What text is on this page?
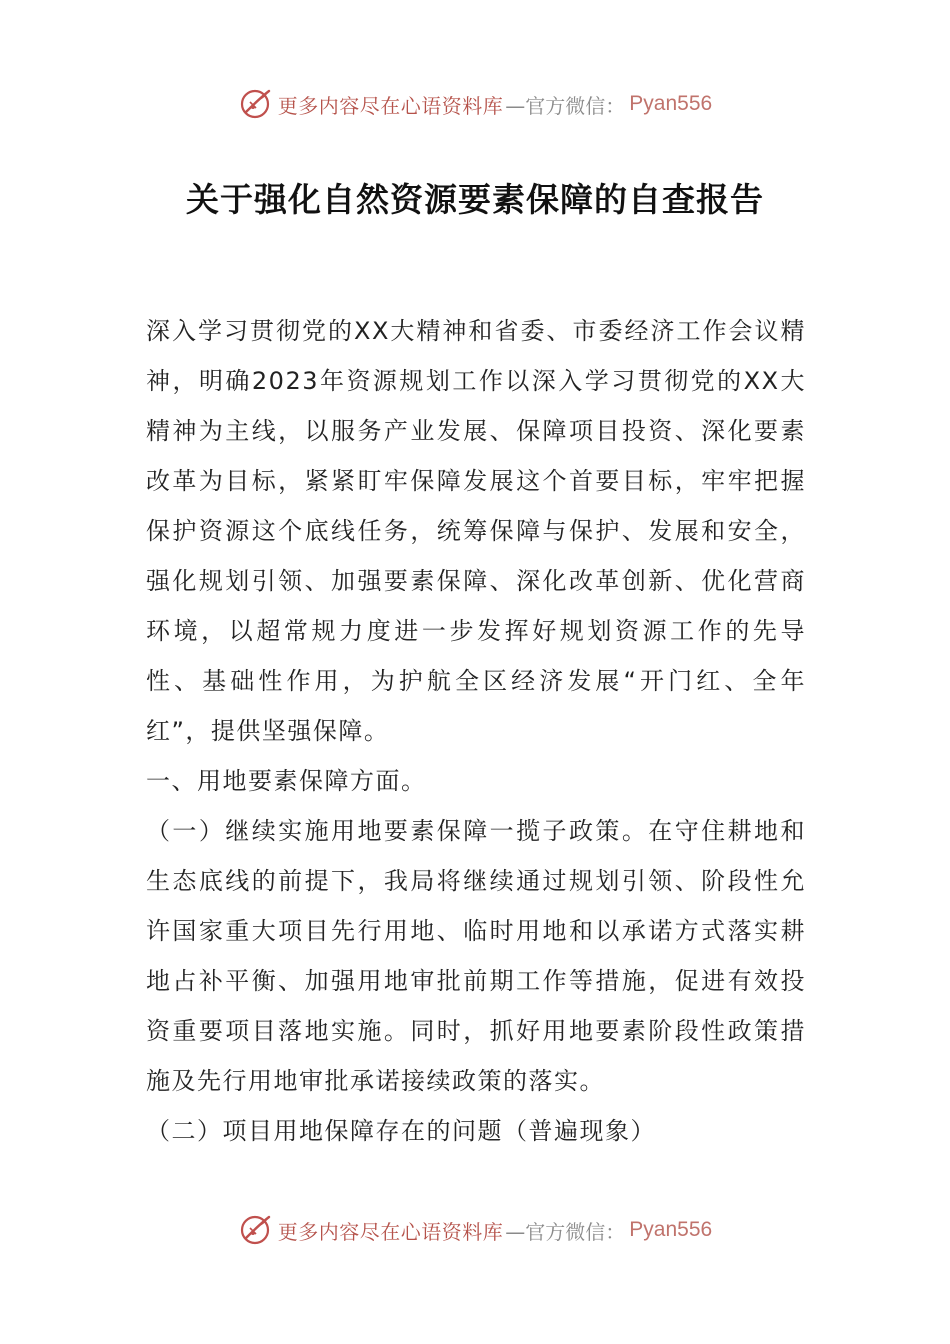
更多内容尽在心语资料库 —官方微信： Pyan556
关于强化自然资源要素保障的自查报告

深入学习贯彻党的XX大精神和省委、市委经济工作会议精神，明确2023年资源规划工作以深入学习贯彻党的XX大精神为主线，以服务产业发展、保障项目投资、深化要素改革为目标，紧紧盯牢保障发展这个首要目标，牢牢把握保护资源这个底线任务，统筹保障与保护、发展和安全，强化规划引领、加强要素保障、深化改革创新、优化营商环境，以超常规力度进一步发挥好规划资源工作的先导性、基础性作用，为护航全区经济发展“开门红、全年红”，提供坚强保障。

一、用地要素保障方面。

（一）继续实施用地要素保障一揽子政策。在守住耕地和生态底线的前提下，我局将继续通过规划引领、阶段性允许国家重大项目先行用地、临时用地和以承诺方式落实耕地占补平衡、加强用地审批前期工作等措施，促进有效投资重要项目落地实施。同时，抓好用地要素阶段性政策措施及先行用地审批承诺接续政策的落实。

（二）项目用地保障存在的问题（普遍现象）

更多内容尽在心语资料库 —官方微信： Pyan556
